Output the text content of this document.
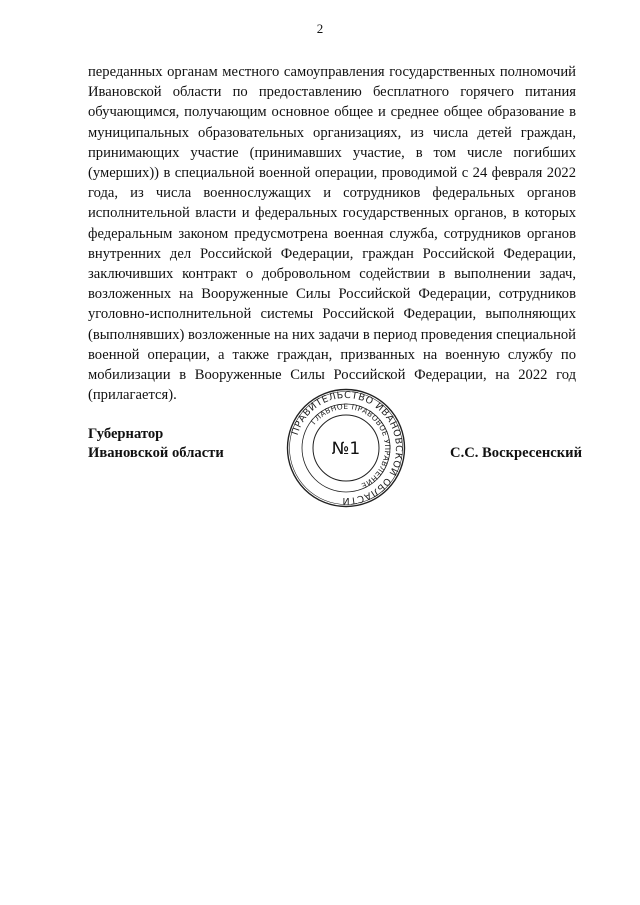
2

переданных органам местного самоуправления государственных полномочий Ивановской области по предоставлению бесплатного горячего питания обучающимся, получающим основное общее и среднее общее образование в муниципальных образовательных организациях, из числа детей граждан, принимающих участие (принимавших участие, в том числе погибших (умерших)) в специальной военной операции, проводимой с 24 февраля 2022 года, из числа военнослужащих и сотрудников федеральных органов исполнительной власти и федеральных государственных органов, в которых федеральным законом предусмотрена военная служба, сотрудников органов внутренних дел Российской Федерации, граждан Российской Федерации, заключивших контракт о добровольном содействии в выполнении задач, возложенных на Вооруженные Силы Российской Федерации, сотрудников уголовно-исполнительной системы Российской Федерации, выполняющих (выполнявших) возложенные на них задачи в период проведения специальной военной операции, а также граждан, призванных на военную службу по мобилизации в Вооруженные Силы Российской Федерации, на 2022 год (прилагается).

Губернатор
Ивановской области	С.С. Воскресенский
ПРАВИТЕЛЬСТВО ИВАНОВСКОЙ ОБЛАСТИ
ГЛАВНОЕ ПРАВОВОЕ УПРАВЛЕНИЕ
№1
